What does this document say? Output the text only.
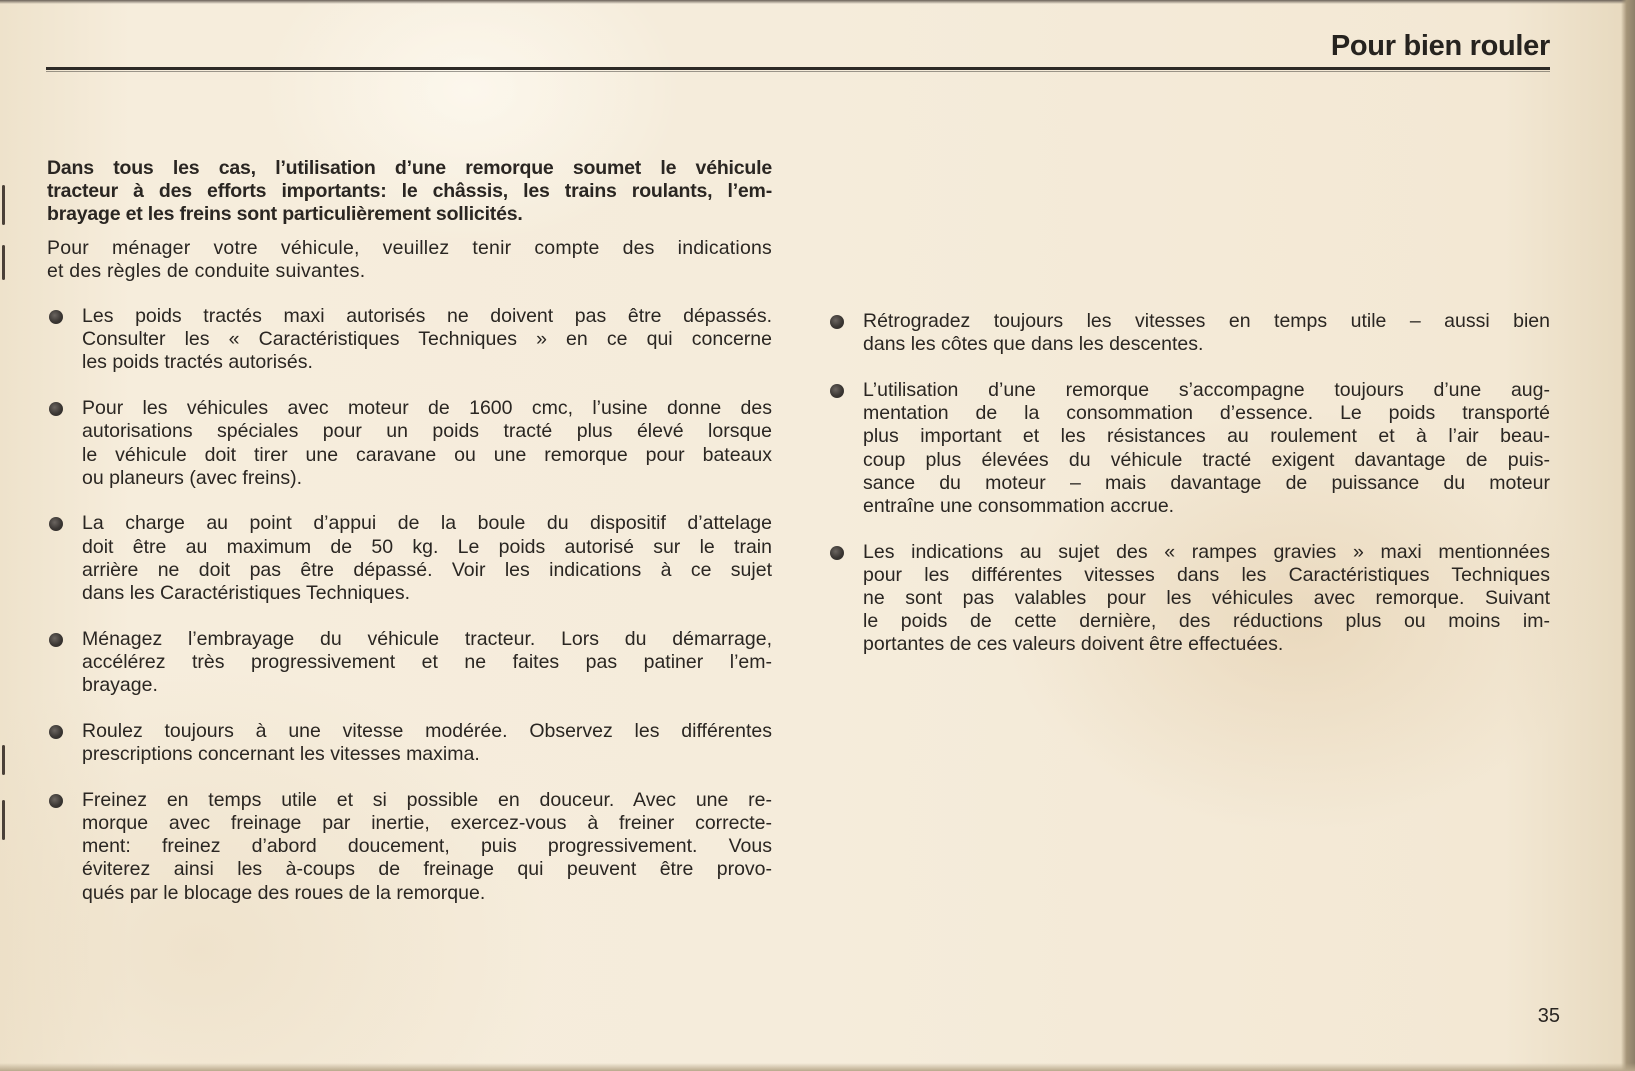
Pour bien rouler
Dans tous les cas, l’utilisation d’une remorque soumet le véhicule
tracteur à des efforts importants: le châssis, les trains roulants, l’em-
brayage et les freins sont particulièrement sollicités.
Pour ménager votre véhicule, veuillez tenir compte des indications
et des règles de conduite suivantes.
Les poids tractés maxi autorisés ne doivent pas être dépassés.
Consulter les « Caractéristiques Techniques » en ce qui concerne
les poids tractés autorisés.
Pour les véhicules avec moteur de 1600 cmc, l’usine donne des
autorisations spéciales pour un poids tracté plus élevé lorsque
le véhicule doit tirer une caravane ou une remorque pour bateaux
ou planeurs (avec freins).
La charge au point d’appui de la boule du dispositif d’attelage
doit être au maximum de 50 kg. Le poids autorisé sur le train
arrière ne doit pas être dépassé. Voir les indications à ce sujet
dans les Caractéristiques Techniques.
Ménagez l’embrayage du véhicule tracteur. Lors du démarrage,
accélérez très progressivement et ne faites pas patiner l’em-
brayage.
Roulez toujours à une vitesse modérée. Observez les différentes
prescriptions concernant les vitesses maxima.
Freinez en temps utile et si possible en douceur. Avec une re-
morque avec freinage par inertie, exercez-vous à freiner correcte-
ment: freinez d’abord doucement, puis progressivement. Vous
éviterez ainsi les à-coups de freinage qui peuvent être provo-
qués par le blocage des roues de la remorque.
Rétrogradez toujours les vitesses en temps utile – aussi bien
dans les côtes que dans les descentes.
L’utilisation d’une remorque s’accompagne toujours d’une aug-
mentation de la consommation d’essence. Le poids transporté
plus important et les résistances au roulement et à l’air beau-
coup plus élevées du véhicule tracté exigent davantage de puis-
sance du moteur – mais davantage de puissance du moteur
entraîne une consommation accrue.
Les indications au sujet des « rampes gravies » maxi mentionnées
pour les différentes vitesses dans les Caractéristiques Techniques
ne sont pas valables pour les véhicules avec remorque. Suivant
le poids de cette dernière, des réductions plus ou moins im-
portantes de ces valeurs doivent être effectuées.
35
